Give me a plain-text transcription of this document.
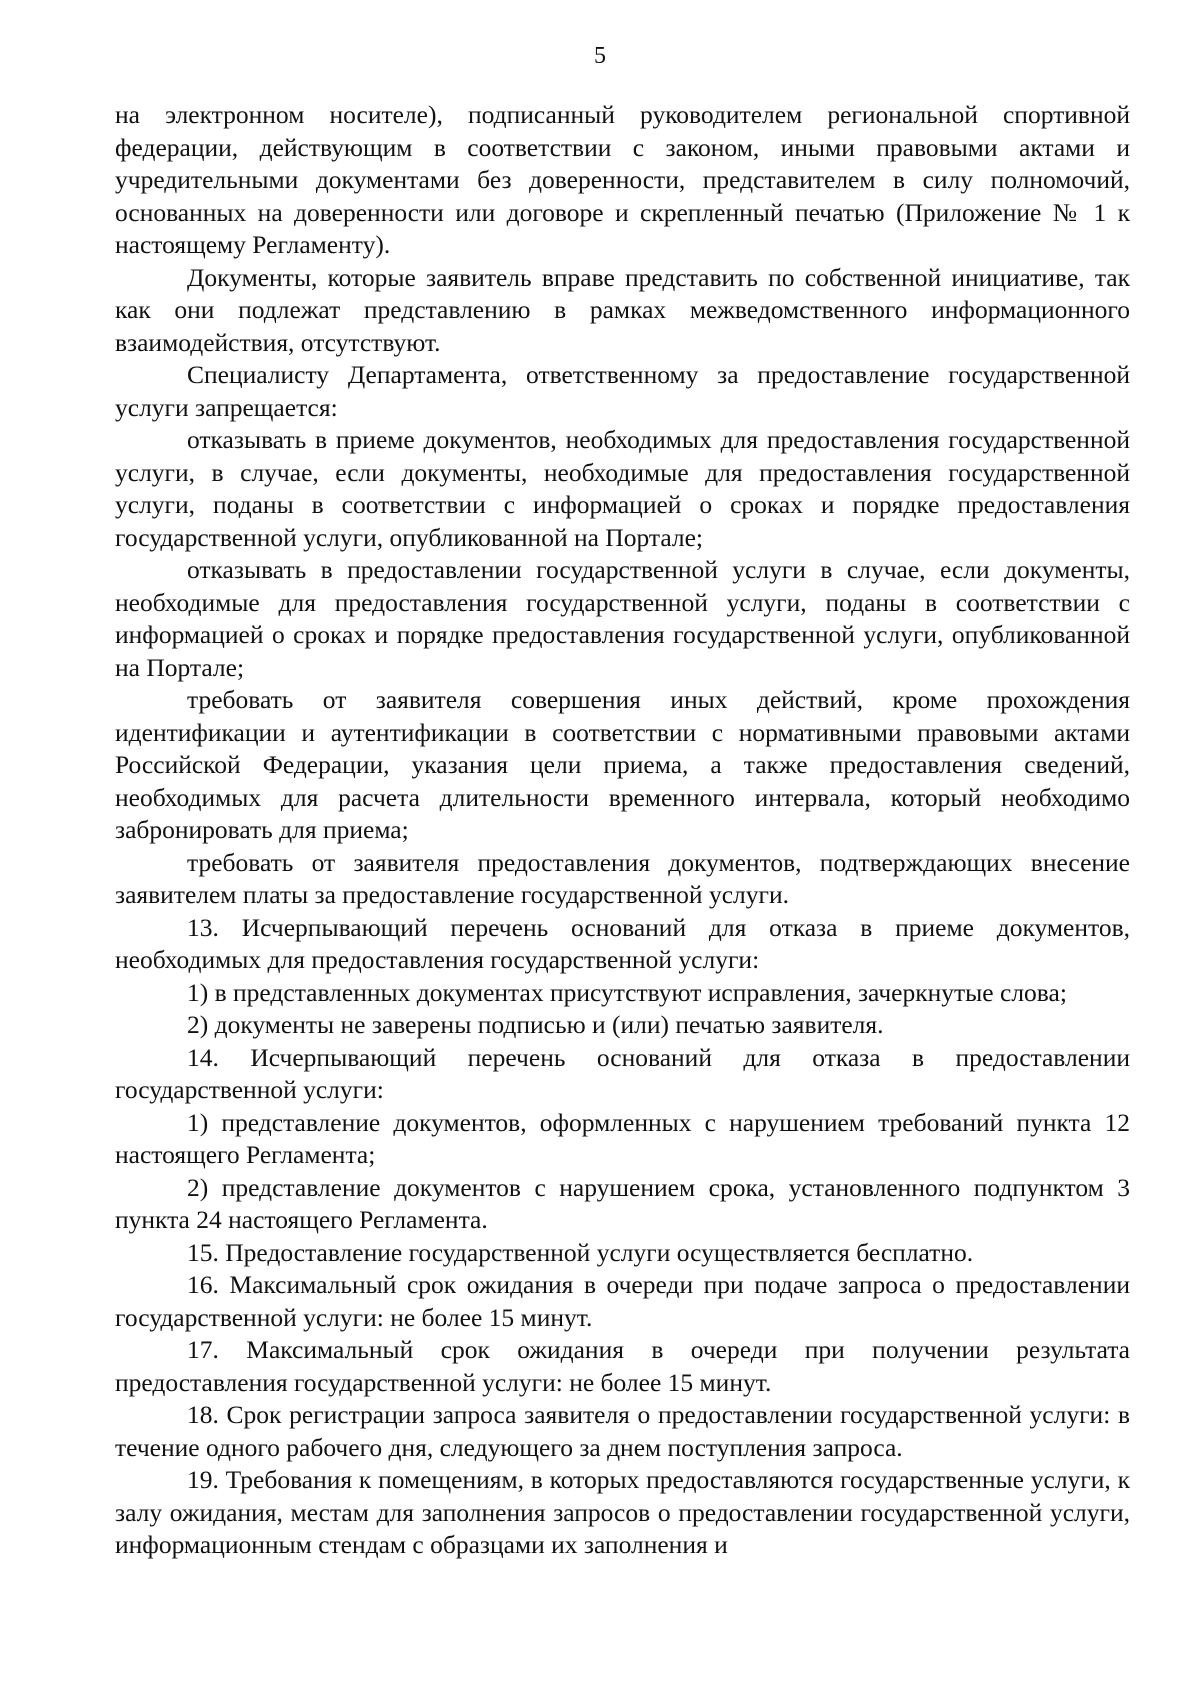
5

на электронном носителе), подписанный руководителем региональной спортивной федерации, действующим в соответствии с законом, иными правовыми актами и учредительными документами без доверенности, представителем в силу полномочий, основанных на доверенности или договоре и скрепленный печатью (Приложение № 1 к настоящему Регламенту).

Документы, которые заявитель вправе представить по собственной инициативе, так как они подлежат представлению в рамках межведомственного информационного взаимодействия, отсутствуют.

Специалисту Департамента, ответственному за предоставление государственной услуги запрещается:

отказывать в приеме документов, необходимых для предоставления государственной услуги, в случае, если документы, необходимые для предоставления государственной услуги, поданы в соответствии с информацией о сроках и порядке предоставления государственной услуги, опубликованной на Портале;

отказывать в предоставлении государственной услуги в случае, если документы, необходимые для предоставления государственной услуги, поданы в соответствии с информацией о сроках и порядке предоставления государственной услуги, опубликованной на Портале;

требовать от заявителя совершения иных действий, кроме прохождения идентификации и аутентификации в соответствии с нормативными правовыми актами Российской Федерации, указания цели приема, а также предоставления сведений, необходимых для расчета длительности временного интервала, который необходимо забронировать для приема;

требовать от заявителя предоставления документов, подтверждающих внесение заявителем платы за предоставление государственной услуги.

13. Исчерпывающий перечень оснований для отказа в приеме документов, необходимых для предоставления государственной услуги:

1) в представленных документах присутствуют исправления, зачеркнутые слова;

2) документы не заверены подписью и (или) печатью заявителя.

14. Исчерпывающий перечень оснований для отказа в предоставлении государственной услуги:

1) представление документов, оформленных с нарушением требований пункта 12 настоящего Регламента;

2) представление документов с нарушением срока, установленного подпунктом 3 пункта 24 настоящего Регламента.

15. Предоставление государственной услуги осуществляется бесплатно.

16. Максимальный срок ожидания в очереди при подаче запроса о предоставлении государственной услуги: не более 15 минут.

17. Максимальный срок ожидания в очереди при получении результата предоставления государственной услуги: не более 15 минут.

18. Срок регистрации запроса заявителя о предоставлении государственной услуги: в течение одного рабочего дня, следующего за днем поступления запроса.

19. Требования к помещениям, в которых предоставляются государственные услуги, к залу ожидания, местам для заполнения запросов о предоставлении государственной услуги, информационным стендам с образцами их заполнения и
